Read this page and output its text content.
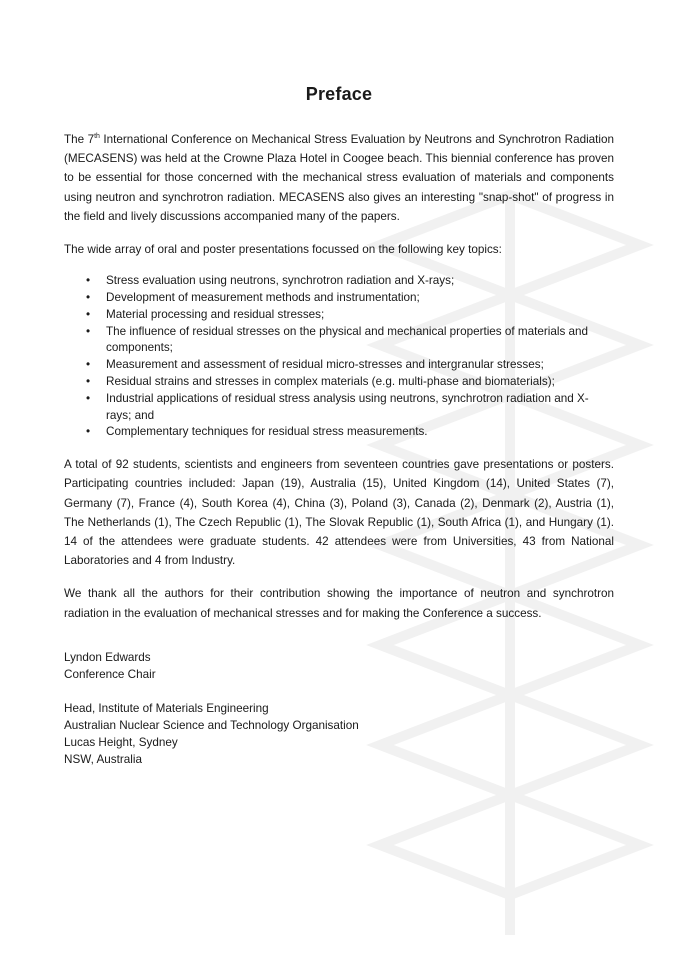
Preface

The 7th International Conference on Mechanical Stress Evaluation by Neutrons and Synchrotron Radiation (MECASENS) was held at the Crowne Plaza Hotel in Coogee beach. This biennial conference has proven to be essential for those concerned with the mechanical stress evaluation of materials and components using neutron and synchrotron radiation. MECASENS also gives an interesting "snap-shot" of progress in the field and lively discussions accompanied many of the papers.

The wide array of oral and poster presentations focussed on the following key topics:

• Stress evaluation using neutrons, synchrotron radiation and X-rays;
• Development of measurement methods and instrumentation;
• Material processing and residual stresses;
• The influence of residual stresses on the physical and mechanical properties of materials and components;
• Measurement and assessment of residual micro-stresses and intergranular stresses;
• Residual strains and stresses in complex materials (e.g. multi-phase and biomaterials);
• Industrial applications of residual stress analysis using neutrons, synchrotron radiation and X-rays; and
• Complementary techniques for residual stress measurements.

A total of 92 students, scientists and engineers from seventeen countries gave presentations or posters. Participating countries included: Japan (19), Australia (15), United Kingdom (14), United States (7), Germany (7), France (4), South Korea (4), China (3), Poland (3), Canada (2), Denmark (2), Austria (1), The Netherlands (1), The Czech Republic (1), The Slovak Republic (1), South Africa (1), and Hungary (1). 14 of the attendees were graduate students. 42 attendees were from Universities, 43 from National Laboratories and 4 from Industry.

We thank all the authors for their contribution showing the importance of neutron and synchrotron radiation in the evaluation of mechanical stresses and for making the Conference a success.

Lyndon Edwards
Conference Chair
Head, Institute of Materials Engineering
Australian Nuclear Science and Technology Organisation
Lucas Height, Sydney
NSW, Australia
